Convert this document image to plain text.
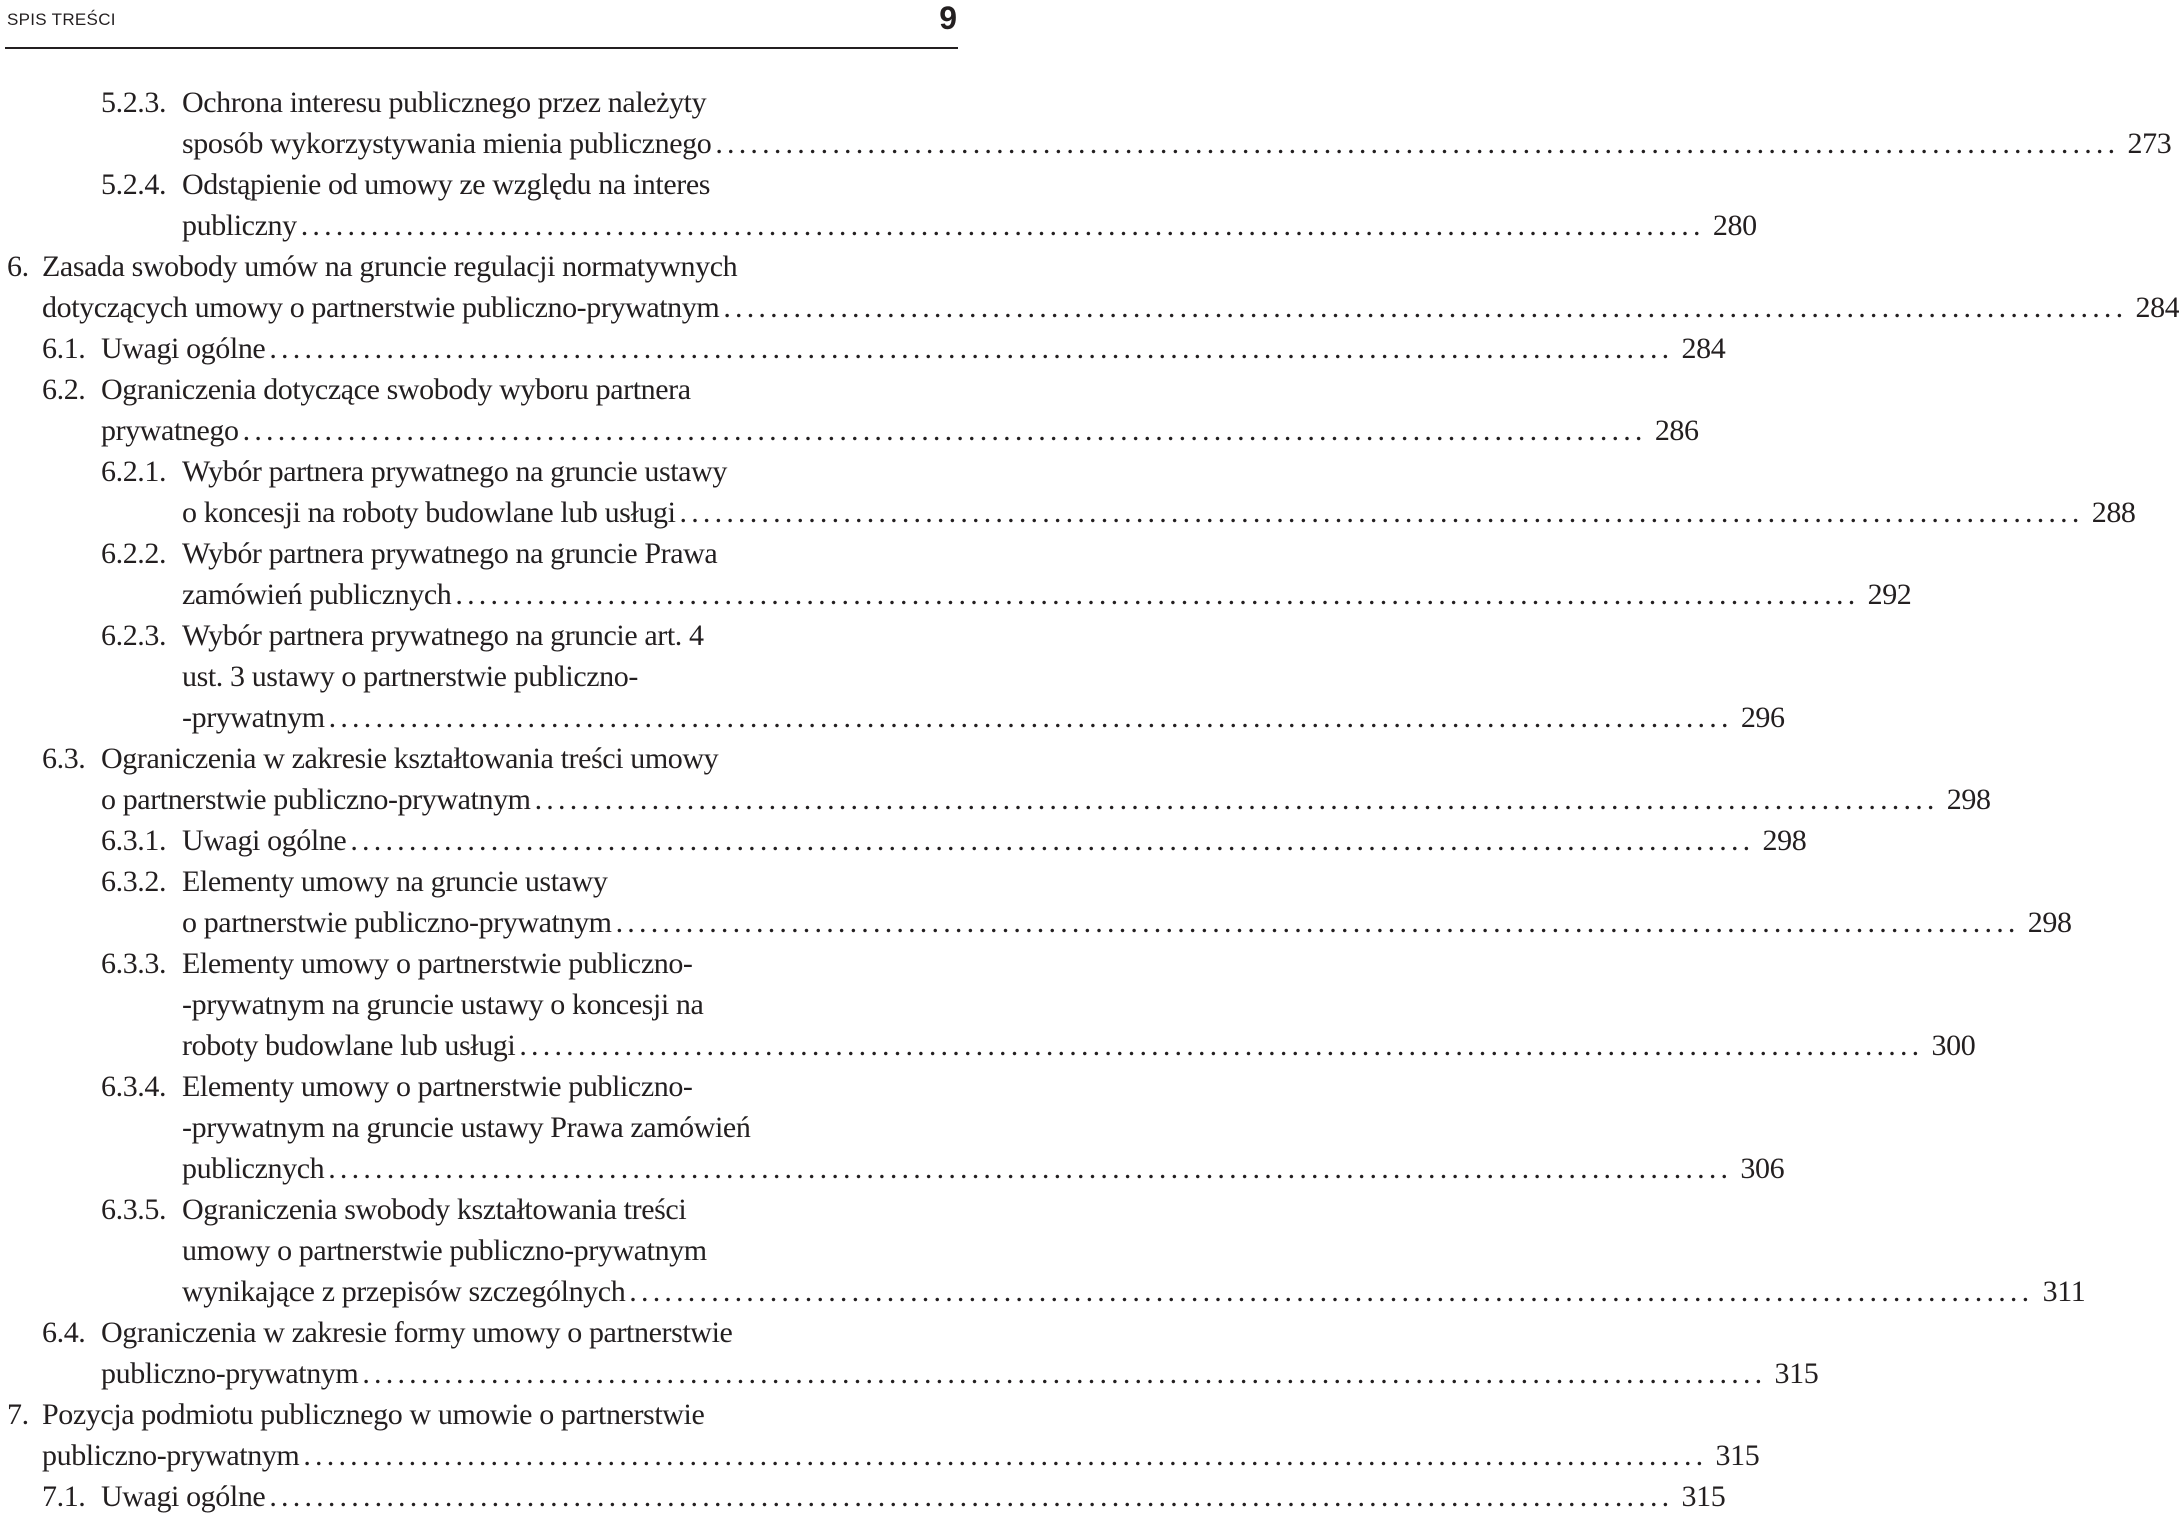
SPIS TREŚCI	9
5.2.3. Ochrona interesu publicznego przez należyty
sposób wykorzystywania mienia publicznego ........................................................................................................................ 273
5.2.4. Odstąpienie od umowy ze względu na interes
publiczny ........................................................................................................................ 280
6. Zasada swobody umów na gruncie regulacji normatywnych
dotyczących umowy o partnerstwie publiczno-prywatnym ........................................................................................................................ 284
6.1. Uwagi ogólne ........................................................................................................................ 284
6.2. Ograniczenia dotyczące swobody wyboru partnera
prywatnego ........................................................................................................................ 286
6.2.1. Wybór partnera prywatnego na gruncie ustawy
o koncesji na roboty budowlane lub usługi ........................................................................................................................ 288
6.2.2. Wybór partnera prywatnego na gruncie Prawa
zamówień publicznych ........................................................................................................................ 292
6.2.3. Wybór partnera prywatnego na gruncie art. 4
ust. 3 ustawy o partnerstwie publiczno-
-prywatnym ........................................................................................................................ 296
6.3. Ograniczenia w zakresie kształtowania treści umowy
o partnerstwie publiczno-prywatnym ........................................................................................................................ 298
6.3.1. Uwagi ogólne ........................................................................................................................ 298
6.3.2. Elementy umowy na gruncie ustawy
o partnerstwie publiczno-prywatnym ........................................................................................................................ 298
6.3.3. Elementy umowy o partnerstwie publiczno-
-prywatnym na gruncie ustawy o koncesji na
roboty budowlane lub usługi ........................................................................................................................ 300
6.3.4. Elementy umowy o partnerstwie publiczno-
-prywatnym na gruncie ustawy Prawa zamówień
publicznych ........................................................................................................................ 306
6.3.5. Ograniczenia swobody kształtowania treści
umowy o partnerstwie publiczno-prywatnym
wynikające z przepisów szczególnych ........................................................................................................................ 311
6.4. Ograniczenia w zakresie formy umowy o partnerstwie
publiczno-prywatnym ........................................................................................................................ 315
7. Pozycja podmiotu publicznego w umowie o partnerstwie
publiczno-prywatnym ........................................................................................................................ 315
7.1. Uwagi ogólne ........................................................................................................................ 315
